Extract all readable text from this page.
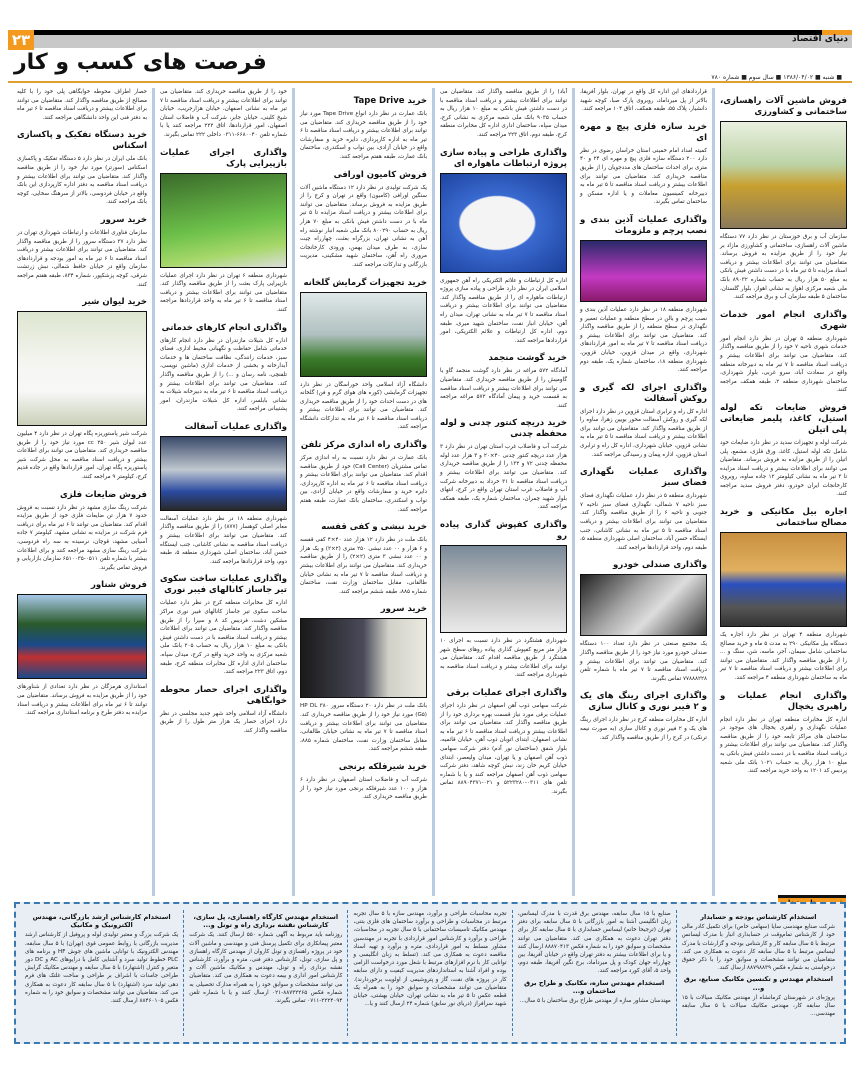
۲۳	دنیای اقتصاد
فرصت های کسب و کار
■ شنبه ■ ۱۳۸۶/۰۴/۰۲ ■ سال سوم ■ شماره ۷۸۰
فروش ماشین آلات راهسازی، ساختمانی و کشاورزی
سازمان آب و برق خوزستان در نظر دارد ۷۷ دستگاه ماشین آلات راهسازی، ساختمانی و کشاورزی مازاد بر نیاز خود را از طریق مزایده به فروش برساند. متقاضیان می توانند برای اطلاعات بیشتر و دریافت اسناد مزایده تا ۵ تیر ماه با در دست داشتن فیش بانکی به مبلغ ۵۰ هزار ریال به حساب شماره ۸۹۰۳۲ بانک ملی شعبه مرکزی اهواز به نشانی اهواز، بلوار گلستان، ساختمان ۵ طبقه سازمان آب و برق مراجعه کنند.
واگذاری انجام امور خدمات شهری
شهرداری منطقه ۵ تهران در نظر دارد انجام امور خدمات شهری ناحیه ۷ خود را از طریق مناقصه واگذار کند. متقاضیان می توانند برای اطلاعات بیشتر و دریافت اسناد مناقصه تا ۷ تیر ماه به دبیرخانه منطقه واقع در سعادت آباد، سرو غربی، بلوار شهرداری، ساختمان شهرداری منطقه ۲، طبقه همکف مراجعه کنند.
فروش ضایعات تکه لوله استیل، کاغذ، پلیمر ضایعاتی پلی اتیلن
شرکت لوله و تجهیزات سدید در نظر دارد ضایعات خود شامل تکه لوله استیل، کاغذ، ورق فلزی، مشمع، پلی اتیلن را از طریق مزایده به فروش برساند. متقاضیان می توانند برای اطلاعات بیشتر و دریافت اسناد مزایده تا ۳ تیر ماه به نشانی کیلومتر ۱۲ جاده ساوه، روبروی کارخانجات ایران خودرو، دفتر فروش سدید مراجعه کنند.
اجاره بیل مکانیکی و خرید مصالح ساختمانی
شهرداری منطقه ۴ تهران در نظر دارد اجاره یک دستگاه بیل مکانیکی ۲۹۰ به مدت ۵ ماه و خرید مصالح ساختمانی شامل سیمان، آجر، ماسه، شن، سنگ و ... را از طریق مناقصه واگذار کند. متقاضیان می توانند برای اطلاعات بیشتر و دریافت اسناد مناقصه تا ۷ تیر ماه به ساختمان شهرداری منطقه ۴ مراجعه کنند.
واگذاری انجام عملیات و راهبری یخچال
اداره کل مخابرات منطقه تهران در نظر دارد انجام عملیات نگهداری و راهبری یخچال های موجود در ساختمان های مراکز تابعه خود را از طریق مناقصه واگذار کند. متقاضیان می توانند برای اطلاعات بیشتر و دریافت اسناد مناقصه با در دست داشتن فیش بانکی به مبلغ ۱۰ هزار ریال به حساب ۱۰۲۱ بانک ملی شعبه پردیس کد ۱۲۰۱ به واحد خرید مراجعه کنند.
قراردادهای این اداره کل واقع در تهران، بلوار آفریقا، بالاتر از پل میرداماد، روبروی پارک صبا، کوچه شهید دانشیار، پلاک ۵۵، طبقه همکف، اتاق ۱۰۴ مراجعه کنند.
خرید سازه فلزی پیچ و مهره ای
کمیته امداد امام خمینی استان خراسان رضوی در نظر دارد ۲۰۰ دستگاه سازه فلزی پیچ و مهره ای ۲۴ و ۴۰ متری برای احداث ساختمان های مددجویان را از طریق مناقصه خریداری کند. متقاضیان می توانند برای اطلاعات بیشتر و دریافت اسناد مناقصه تا ۵ تیر ماه به دبیرخانه کمیسیون معاملات و یا اداره مسکن و ساختمان تماس بگیرند.
واگذاری عملیات آذین بندی و نصب پرچم و ملزومات
شهرداری منطقه ۱۸ در نظر دارد عملیات آذین بندی و نصب پرچم و بالن در سطح منطقه و عملیات تعمیر و نگهداری در سطح منطقه را از طریق مناقصه واگذار کند. متقاضیان می توانند برای اطلاعات بیشتر و دریافت اسناد مناقصه تا ۷ تیر ماه به امور قراردادهای شهرداری، واقع در میدان قزوین، خیابان قزوین، شهرداری منطقه ۱۸، ساختمان شماره یک، طبقه دوم مراجعه کنند.
واگذاری اجرای لکه گیری و روکش آسفالت
اداره کل راه و ترابری استان قزوین در نظر دارد اجرای لکه گیری و روکش آسفالت محور بویین زهرا، ساوه را از طریق مناقصه واگذار کند. متقاضیان می توانند برای اطلاعات بیشتر و دریافت اسناد مناقصه تا ۵ تیر ماه به نشانی قزوین، خیابان شهرداری، اداره کل راه و ترابری استان قزوین، اداره پیمان و رسیدگی مراجعه کنند.
واگذاری عملیات نگهداری فضای سبز
شهرداری منطقه ۵ در نظر دارد عملیات نگهداری فضای سبز ناحیه ۷ شمالی، نگهداری فضای سبز ناحیه ۷ جنوبی و ناحیه ۶ را از طریق مناقصه واگذار کند. متقاضیان می توانند برای اطلاعات بیشتر و دریافت اسناد مناقصه تا ۵ تیر ماه به نشانی کاشانی، جنب ایستگاه حسن آباد، ساختمان اصلی شهرداری منطقه ۵، طبقه دوم، واحد قراردادها مراجعه کنند.
واگذاری صندلی خودرو
یک مجتمع صنعتی در نظر دارد تعداد ۱۰۰ دستگاه صندلی خودرو مورد نیاز خود را از طریق مناقصه واگذار کند. متقاضیان می توانند برای اطلاعات بیشتر و دریافت اسناد مناقصه تا ۷ تیر ماه با شماره تلفن ۷۷۸۸۸۲۲۸ تماس بگیرند.
واگذاری اجرای رینگ های یک و ۲ فیبر نوری و کانال سازی
اداره کل مخابرات منطقه کرج در نظر دارد اجرای رینگ های یک و ۲ فیبر نوری و کانال سازی (به صورت نیمه ترنکی) در کرج را از طریق مناقصه واگذار کند.
آباد) را از طریق مناقصه واگذار کند. متقاضیان می توانند برای اطلاعات بیشتر و دریافت اسناد مناقصه با در دست داشتن فیش بانکی به مبلغ ۱۰ هزار ریال به حساب ۹۰۳۵ بانک ملی شعبه مرکزی به نشانی کرج، میدان سپاه، ساختمان اداری اداره کل مخابرات منطقه کرج، طبقه دوم، اتاق ۲۲۳ مراجعه کنند.
واگذاری طراحی و پیاده سازی پروژه ارتباطات ماهواره ای
اداره کل ارتباطات و علائم الکتریکی راه آهن جمهوری اسلامی ایران در نظر دارد طراحی و پیاده سازی پروژه ارتباطات ماهواره ای را از طریق مناقصه واگذار کند. متقاضیان می توانند برای اطلاعات بیشتر و دریافت اسناد مناقصه تا ۷ تیر ماه به نشانی تهران، میدان راه آهن، خیابان انبار نفت، ساختمان شهید میری، طبقه دوم، اداره کل ارتباطات و علائم الکتریکی، امور قراردادها مراجعه کنند.
خرید گوشت منجمد
آمادگاه ۵۷۲ مراغه در نظر دارد گوشت منجمد گاو یا گاومیش را از طریق مناقصه خریداری کند. متقاضیان می توانند برای اطلاعات بیشتر و دریافت اسناد مناقصه به قسمت خرید و پیمان آمادگاه ۵۷۲ مراغه مراجعه کنند.
خرید دریچه کنتور چدنی و لوله محفظه چدنی
شرکت آب و فاضلاب غرب استان تهران در نظر دارد ۳ هزار عدد دریچه کنتور چدنی ۴۰×۲۰ و ۳ هزار عدد لوله محفظه چدنی ۷۲ و ۱۳۲ را از طریق مناقصه خریداری کند. متقاضیان می توانند برای اطلاعات بیشتر و دریافت اسناد مناقصه تا ۳۱ خرداد به دبیرخانه شرکت آب و فاضلاب غرب استان تهران واقع در کرج، انتهای بلوار شهید چمران، ساختمان شماره یک، طبقه همکف مراجعه کنند.
واگذاری کفپوش گذاری پیاده رو
شهرداری هشتگرد در نظر دارد نسبت به اجرای ۱۰ هزار متر مربع کفپوش گذاری پیاده روهای سطح شهر هشتگرد از طریق مناقصه اقدام کند. متقاضیان می توانند برای اطلاعات بیشتر و دریافت اسناد مناقصه به شهرداری مراجعه کنند.
واگذاری اجرای عملیات برقی
شرکت سهامی ذوب آهن اصفهان در نظر دارد اجرای عملیات برقی مورد نیاز قسمت بهره برداری خود را از طریق مناقصه واگذار کند. متقاضیان می توانند برای اطلاعات بیشتر و دریافت اسناد مناقصه تا ۶ تیر ماه به نشانی اصفهان، ابتدای اتوبان ذوب آهن، خیابان قائمیه، بلوار شفق (ساختمان نور آدم) دفتر شرکت سهامی ذوب آهن اصفهان و یا تهران، میدان ولیعصر، ابتدای خیابان کریم خان زند، نبش کوچه شاهد، دفتر شرکت سهامی ذوب آهن اصفهان مراجعه کنند و یا با شماره تلفن های ۰۳۱۱-۵۲۲۳۲۸۰ و ۰۲۱-۸۸۹۰۴۳۷۱ تماس بگیرند.
خرید Tape Drive
بانک عمارت در نظر دارد انواع Tape Drive مورد نیاز خود را از طریق مناقصه خریداری کند. متقاضیان می توانند برای اطلاعات بیشتر و دریافت اسناد مناقصه تا ۶ تیر ماه به اداره کارپردازی، دایره خرید و سفارشات واقع در خیابان آزادی، بین نواب و اسکندری، ساختمان بانک عمارت، طبقه هفتم مراجعه کنند.
فروش کامیون اورافی
یک شرکت تولیدی در نظر دارد ۱۲ دستگاه ماشین آلات سنگین اورافی (کامیون) واقع در تهران و کرج را از طریق مزایده به فروش برساند. متقاضیان می توانند برای اطلاعات بیشتر و دریافت اسناد مزایده تا ۵ تیر ماه با در دست داشتن فیش بانکی به مبلغ ۷۰ هزار ریال به حساب ۸۰۰۲۹۰ بانک ملی شعبه انبار نوشته راه آهن به نشانی تهران، بزرگراه بعثت، چهارراه چیت سازی، به طرف میدان بهمن، ورودی کارخانجات مروری راه آهن، ساختمان شهید مشکینی، مدیریت بازرگانی و تدارکات مراجعه کنند.
خرید تجهیزات گرمایش گلخانه
دانشگاه آزاد اسلامی واحد خوراسگان در نظر دارد تجهیزات گرمایشی (کوره های هوای گرم و فن) گلخانه های در دست احداث خود را از طریق مناقصه خریداری کند. متقاضیان می توانند برای اطلاعات بیشتر و دریافت اسناد مناقصه تا ۶ تیر ماه به تدارکات دانشگاه مراجعه کنند.
واگذاری راه اندازی مرکز تلفن
بانک عمارت در نظر دارد نسبت به راه اندازی مرکز تماس مشتریان (Call Center) خود از طریق مناقصه اقدام کند. متقاضیان می توانند برای اطلاعات بیشتر و دریافت اسناد مناقصه تا ۶ تیر ماه به اداره کارپردازی، دایره خرید و سفارشات واقع در خیابان آزادی، بین نواب و اسکندری، ساختمان بانک عمارت، طبقه هفتم مراجعه کنند.
خرید نبشی و کفی قفسه
بانک ملت در نظر دارد ۱۲ هزار عدد ۴۰×۴ کفی قفسه و ۶ هزار و ۰۰ عدد نبشی ۲۵۰ متری (۲×۲) و یک هزار و ۰۰ عدد نبشی ۳ متری (۲×۲) را از طریق مناقصه خریداری کند. متقاضیان می توانند برای اطلاعات بیشتر و دریافت اسناد مناقصه تا ۷ تیر ماه به نشانی خیابان طالقانی، مقابل ساختمان وزارت نفت، ساختمان شماره ۸۸۵، طبقه ششم مراجعه کنند.
خرید سرور
بانک ملت در نظر دارد ۲۰ دستگاه سرور HP DL ۳۸۰ (G۵) مورد نیاز خود را از طریق مناقصه خریداری کند. متقاضیان می توانند برای اطلاعات بیشتر و دریافت اسناد مناقصه تا ۷ تیر ماه به نشانی خیابان طالقانی، مقابل ساختمان وزارت نفت، ساختمان شماره ۸۸۵، طبقه ششم مراجعه کنند.
خرید شیرفلکه برنجی
شرکت آب و فاضلاب استان اصفهان در نظر دارد ۶ هزار و ۱۰۰ عدد شیرفلکه برنجی مورد نیاز خود را از طریق مناقصه خریداری کند.
خود را از طریق مناقصه خریداری کند. متقاضیان می توانند برای اطلاعات بیشتر و دریافت اسناد مناقصه تا ۷ تیر ماه به نشانی اصفهان، خیابان هزارجریب، خیابان شیخ کلینی، خیابان جابر، شرکت آب و فاضلاب استان اصفهان، امور قراردادها، اتاق ۲۲۲ مراجعه کنند یا با شماره تلفن ۶۶۸۰۰۴۰-۰۳۱۱ داخلی ۲۲۲ تماس بگیرند.
واگذاری اجرای عملیات بازپیرایی پارک
شهرداری منطقه ۶ تهران در نظر دارد اجرای عملیات بازپیرایی پارک بعثت را از طریق مناقصه واگذار کند. متقاضیان می توانند برای اطلاعات بیشتر و دریافت اسناد مناقصه تا ۶ تیر ماه به واحد قراردادها مراجعه کنند.
واگذاری انجام کارهای خدماتی
اداره کل شیلات مازندران در نظر دارد انجام کارهای خدماتی شامل حفاظت و نگهبانی محیط اداری، فضای سبز، خدمات رانندگی، نظافت ساختمان ها و خدمات آبدارخانه و بخشی از خدمات اداری (ماشین نویسی، تلفنچی، نامه رسان و ...) را از طریق مناقصه واگذار کند. متقاضیان می توانند برای اطلاعات بیشتر و دریافت اسناد مناقصه تا ۶ تیر ماه به دبیرخانه شیلات به نشانی بابلسر، اداره کل شیلات مازندران، امور پشتیبانی مراجعه کنند.
واگذاری عملیات آسفالت
شهرداری منطقه ۱۸ در نظر دارد عملیات آسفالت معابر اصلی کوهسار (۸۷۷) را از طریق مناقصه واگذار کند. متقاضیان می توانند برای اطلاعات بیشتر و دریافت اسناد مناقصه به نشانی کاشانی، جنب ایستگاه حسن آباد، ساختمان اصلی شهرداری منطقه ۵، طبقه دوم، واحد قراردادها مراجعه کنند.
واگذاری عملیات ساخت سکوی تیر جاساز کانالهای فیبر نوری
اداره کل مخابرات منطقه کرج در نظر دارد عملیات ساخت سکوی تیر جاساز کانالهای فیبر نوری مراکز مشکین دشت، فردیس کد ۸ و سپرا را از طریق مناقصه واگذار کند. متقاضیان می توانند برای اطلاعات بیشتر و دریافت اسناد مناقصه با در دست داشتن فیش بانکی به مبلغ ۱۰ هزار ریال به حساب ۲۰۵ بانک ملی شعبه مرکزی به واحد خرید واقع در کرج، میدان سپاه، ساختمان اداری اداره کل مخابرات منطقه کرج، طبقه دوم، اتاق ۲۲۳ مراجعه کنند.
واگذاری اجرای حصار محوطه خوابگاهی
دانشگاه آزاد اسلامی واحد شهر جدید مجلسی در نظر دارد اجرای حصار یک هزار متر طول را از طریق مناقصه واگذار کند.
حصار اطراف محوطه خوابگاهی پلی خود را با کلیه مصالح از طریق مناقصه واگذار کند. متقاضیان می توانند برای اطلاعات بیشتر و دریافت اسناد مناقصه تا ۶ تیر ماه به دفتر فنی این واحد دانشگاهی مراجعه کنند.
خرید دستگاه تفکیک و پاکسازی اسکناس
بانک ملی ایران در نظر دارد ۵ دستگاه تفکیک و پاکسازی اسکناس (سورتر) مورد نیاز خود را از طریق مناقصه واگذار کند. متقاضیان می توانند برای اطلاعات بیشتر و دریافت اسناد مناقصه به دفتر اداره کارپردازی این بانک واقع در خیابان فردوسی، بالاتر از سرهنگ سخایی، کوچه بانک مراجعه کنند.
خرید سرور
سازمان فناوری اطلاعات و ارتباطات شهرداری تهران در نظر دارد ۳۷ دستگاه سرور را از طریق مناقصه واگذار کند. متقاضیان می توانند برای اطلاعات بیشتر و دریافت اسناد مناقصه تا ۶ تیر ماه به امور بودجه و قراردادهای سازمان واقع در خیابان حافظ شمالی، نبش زرتشت شرقی، کوچه پزشکپور، شماره ۸۳۴، طبقه هفتم مراجعه کنند.
خرید لیوان شیر
شرکت شیر پاستوریزه پگاه تهران در نظر دارد ۴ میلیون عدد لیوان شیر ۲۵۰ cc مورد نیاز خود را از طریق مناقصه خریداری کند. متقاضیان می توانند برای اطلاعات بیشتر و دریافت اسناد مناقصه به محل شرکت شیر پاستوریزه پگاه تهران، امور قراردادها واقع در جاده قدیم کرج، کیلومتر ۹ مراجعه کنند.
فروش ضایعات فلزی
شرکت رینگ سازی مشهد در نظر دارد نسبت به فروش حدود ۷ هزار تن ضایعات فلزی خود از طریق مزایده اقدام کند. متقاضیان می توانند تا ۶ تیر ماه برای دریافت فرم شرکت در مزایده به نشانی مشهد، کیلومتر ۷ جاده آسیایی مشهد، قوچان، نرسیده به سه راه فردوسی، شرکت رینگ سازی مشهد مراجعه کنند و برای اطلاعات بیشتر با شماره تلفن ۰۵۱۱-۶۵۱۰۰۳۵ سازمان بازاریابی و فروش تماس بگیرند.
فروش شناور
استانداری هرمزگان در نظر دارد تعدادی از شناورهای خود را از طریق مزایده به فروش برساند. متقاضیان می توانند تا ۶ تیر ماه برای اطلاعات بیشتر و دریافت اسناد مزایده به دفتر طرح و برنامه استانداری مراجعه کنند.
استخدام کارشناس بودجه و حسابدار
شرکت صنایع مهندسی سایا (سهامی خاص) برای تکمیل کادر مالی خود از کارشناس تمام‌وقت در حسابداری انبار با مدرک لیسانس مرتبط با ۵ سال سابقه کار و کارشناس بودجه و گزارشات با مدرک لیسانس مرتبط با ۵ سال سابقه کار دعوت به همکاری می کند. متقاضیان می توانند مشخصات و سوابق خود را با ذکر حقوق درخواستی به شماره فکس ۸۸۷۹۸۸۳۹ ارسال کنند.
استخدام مهندس و تکنسین مکانیک صنایع، برق و...
پروژه‌ای در شهرستان کرمانشاه از مهندس مکانیک سیالات با ۱۵ سال سابقه کار، مهندس مکانیک سیالات با ۵ سال سابقه مهندسی...
صنایع با ۱۵ سال سابقه، مهندس برق قدرت با مدرک لیسانس، زبان انگلیسی آشنا به امور بازرگانی با ۵ سال سابقه برای دفتر تهران (ترجیحا خانم) لیسانس حسابداری با ۵ سال سابقه کار برای دفتر تهران دعوت به همکاری می کند. متقاضیان می توانند مشخصات و سوابق خود را به شماره فکس ۸۸۸۷۰۴۱۳ ارسال کنند و یا برای اطلاعات بیشتر به دفتر تهران واقع در خیابان آفریقا، بین چهارراه جهان کودک و پل میرداماد، برج نگین آفریقا، طبقه دوم، واحد ۵، آقای کورد مراجعه کنند.
استخدام مهندس سازه، مکانیک و طراح برق ساختمان و...
مهندسان مشاور سازه از مهندس طراح برق ساختمان با ۵ سال...
تجربه محاسبات طراحی و برآورد، مهندس سازه با ۵ سال تجربه مرتبط در محاسبات و طراحی و برآورد ساختمان های فلزی بتنی، مهندس مکانیک تاسیسات ساختمانی با ۵ سال تجربه در محاسبات، طراحی و برآورد و کارشناس امور قراردادی با تجربه در مهندسین مشاور مسلط به امور قراردادی، متره و برآورد و تهیه اسناد مناقصه دعوت به همکاری می کند. (تسلط به زبان انگلیسی و توانایی کار با نرم افزارهای مرتبط با شغل مورد درخواست الزامی بوده و افراد آشنا به استانداردهای مدیریت کیفیت و دارای سابقه کار در پروژه های نفت، گاز و پتروشیمی از اولویت برخوردارند). متقاضیان می توانند مشخصات و سوابق خود را به همراه یک قطعه عکس تا ۵ تیر ماه به نشانی تهران، خیابان بهشتی، خیابان شهید سرافراز (دریای نور سابق) شماره ۲۴ ارسال کنند و یا...
استخدام مهندس کارگاه راهسازی، پل سازی، کارشناس نقشه برداری راه و تونل و...
روزنامه باید مربوط به آگهی شماره ۵۵۰ ارسال کنند. یک شرکت معتبر پیمانکاری برای تکمیل پرسنل فنی و مهندسی و ماشین آلات خود در پروژه راهسازی و تونل کاروان از مهندس کارگاه راهسازی و پل سازی، تونل، کارشناس دفتر فنی، متره و برآورد، کارشناس نقشه برداری راه و تونل، مهندس و مکانیک ماشین آلات و کارشناس امور اداری و بیمه دعوت به همکاری می کند. متقاضیان می توانند مشخصات و سوابق خود را به همراه مدارک تحصیلی به شماره فکس ۸۸۷۳۲۲۶۵-۰۲۱ ارسال کنند و یا با شماره تلفن ۲۲۲۴۰۹۴-۰۷۱۱ تماس بگیرند.
استخدام کارشناس ارشد بازرگانی، مهندس الکترونیک و مکانیک
یک شرکت بزرگ و معتبر تولیدی لوله و پروفیل از کارشناس ارشد مدیریت بازرگانی با روابط عمومی قوی (تهران) با ۵ سال سابقه، مهندس الکترونیک با توانایی ماشین های جوش HF و برنامه های PLC خطوط تولید سرد و آشنایی کامل با درایوهای AC و DC دور متغیر و کنترل (اشتهارد) با ۵ سال سابقه و مهندس مکانیک گرایش طراحی جامدات با اشراف بر طراحی و ساخت غلتک های فرم دهی تولید سرد (اشتهارد) با ۵ سال سابقه کار دعوت به همکاری می کند. متقاضیان می توانند مشخصات و سوابق خود را به شماره فکس ۸۸۴۶۰۱۰۵ ارسال کنند.
